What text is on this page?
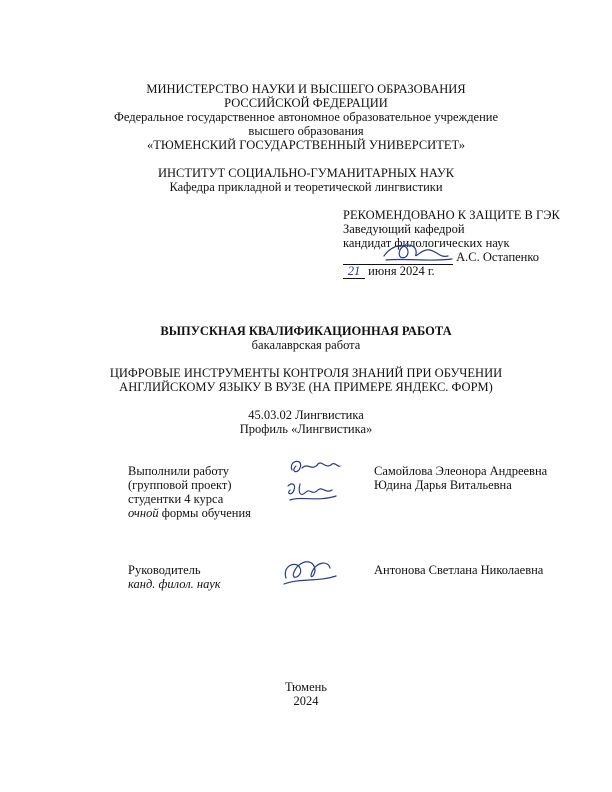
МИНИСТЕРСТВО НАУКИ И ВЫСШЕГО ОБРАЗОВАНИЯ
РОССИЙСКОЙ ФЕДЕРАЦИИ
Федеральное государственное автономное образовательное учреждение
высшего образования
«ТЮМЕНСКИЙ ГОСУДАРСТВЕННЫЙ УНИВЕРСИТЕТ»
ИНСТИТУТ СОЦИАЛЬНО-ГУМАНИТАРНЫХ НАУК
Кафедра прикладной и теоретической лингвистики
РЕКОМЕНДОВАНО К ЗАЩИТЕ В ГЭК
Заведующий кафедрой
кандидат филологических наук
А.С. Остапенко
21 июня 2024 г.
ВЫПУСКНАЯ КВАЛИФИКАЦИОННАЯ РАБОТА
бакалаврская работа
ЦИФРОВЫЕ ИНСТРУМЕНТЫ КОНТРОЛЯ ЗНАНИЙ ПРИ ОБУЧЕНИИ
АНГЛИЙСКОМУ ЯЗЫКУ В ВУЗЕ (НА ПРИМЕРЕ ЯНДЕКС. ФОРМ)
45.03.02 Лингвистика
Профиль «Лингвистика»
Выполнили работу
(групповой проект)
студентки 4 курса
очной формы обучения
Самойлова Элеонора Андреевна
Юдина Дарья Витальевна
Руководитель
канд. филол. наук
Антонова Светлана Николаевна
Тюмень
2024
